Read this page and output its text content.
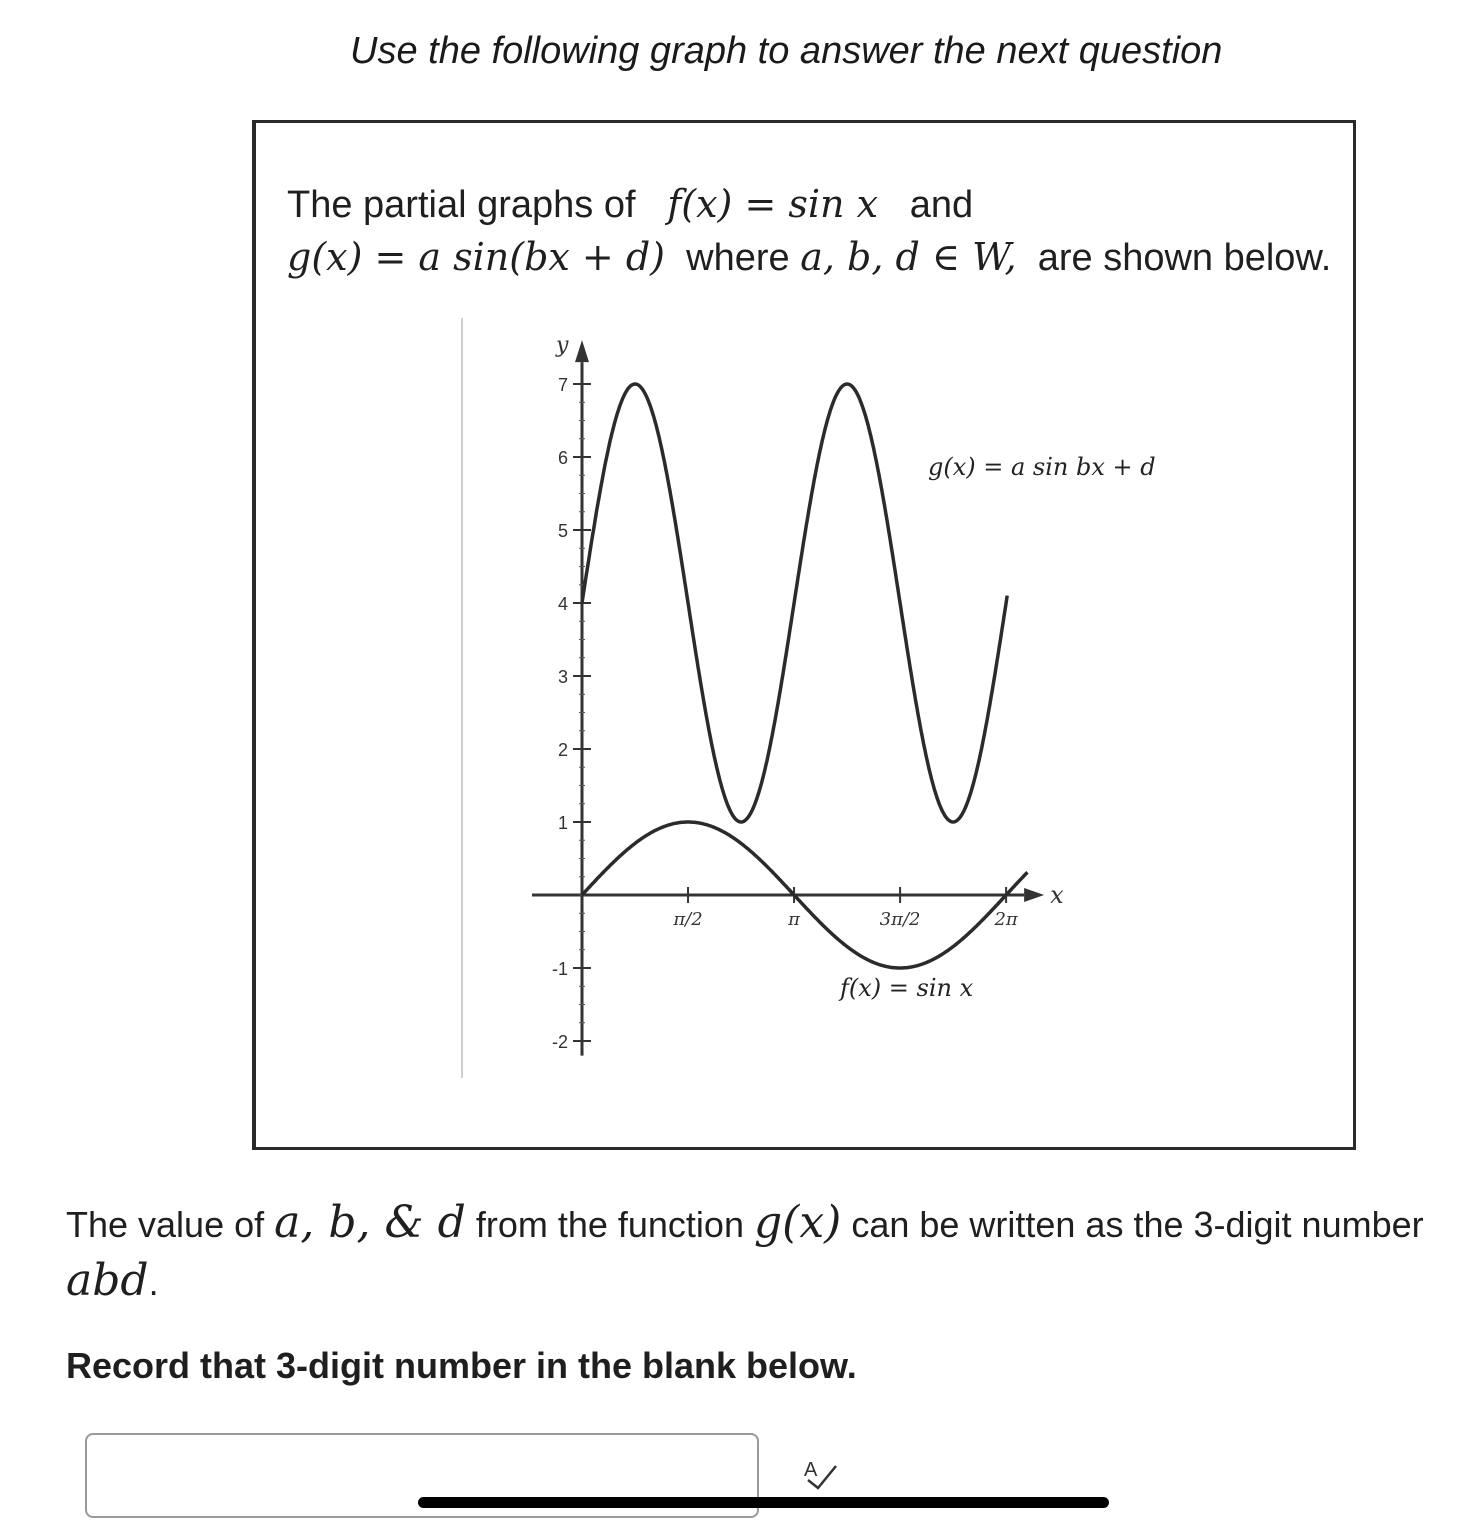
Use the following graph to answer the next question
The partial graphs of f(x) = sin x and
g(x) = a sin(bx + d) where a, b, d ∈ W, are shown below.
y
x
7
6
5
4
3
2
1
-1
-2
π/2	π	3π/2	2π
g(x) = a sin bx + d
f(x) = sin x
The value of a, b, & d from the function g(x) can be written as the 3-digit number abd.
Record that 3-digit number in the blank below.
A
